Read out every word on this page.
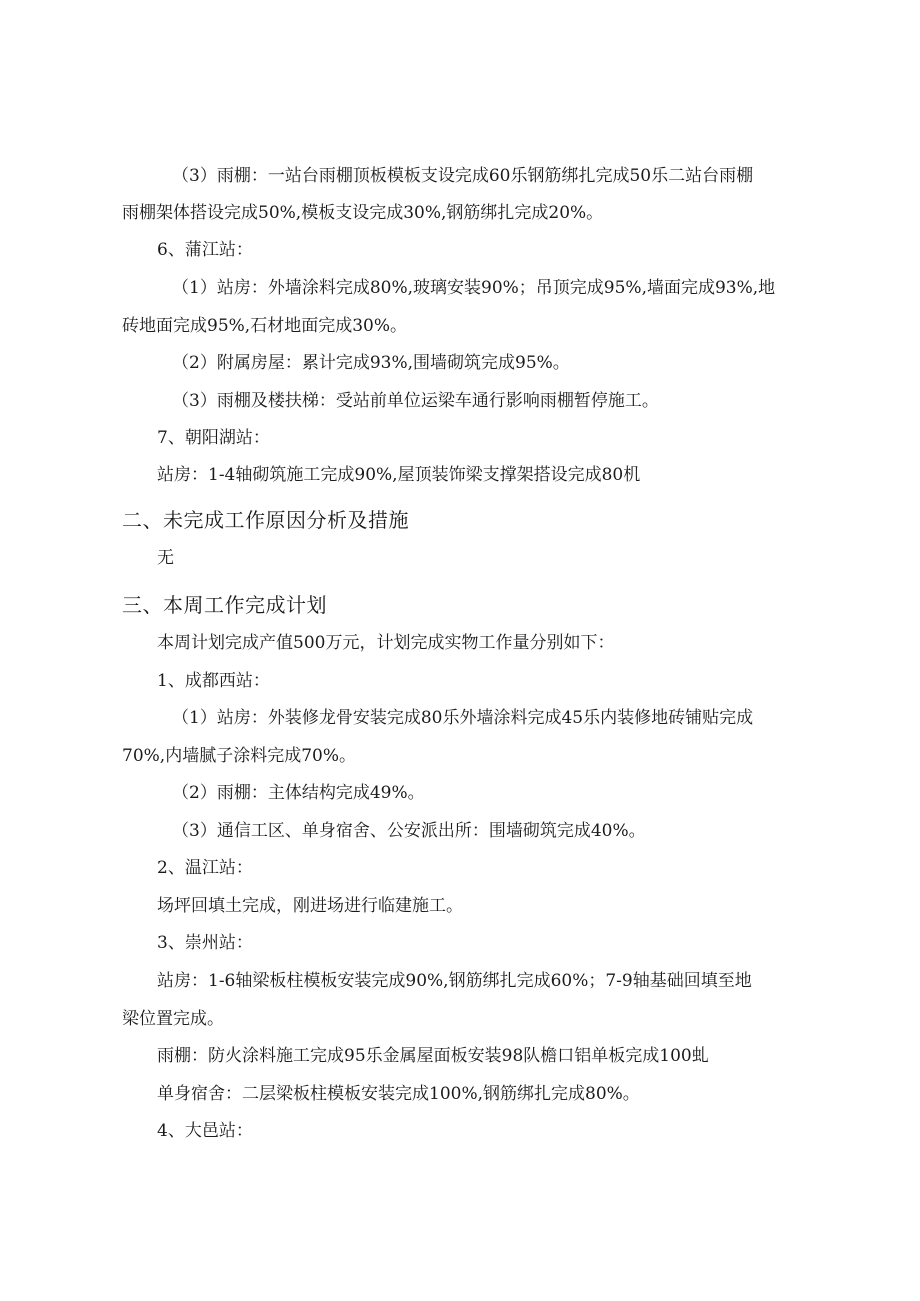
（3）雨棚：一站台雨棚顶板模板支设完成60乐钢筋绑扎完成50乐二站台雨棚
雨棚架体搭设完成50%,模板支设完成30%,钢筋绑扎完成20%。
6、蒲江站：
（1）站房：外墙涂料完成80%,玻璃安装90%；吊顶完成95%,墙面完成93%,地
砖地面完成95%,石材地面完成30%。
（2）附属房屋：累计完成93%,围墙砌筑完成95%。
（3）雨棚及楼扶梯：受站前单位运梁车通行影响雨棚暂停施工。
7、朝阳湖站：
站房：1-4轴砌筑施工完成90%,屋顶装饰梁支撑架搭设完成80机
二、未完成工作原因分析及措施
无
三、本周工作完成计划
本周计划完成产值500万元，计划完成实物工作量分别如下：
1、成都西站：
（1）站房：外装修龙骨安装完成80乐外墙涂料完成45乐内装修地砖铺贴完成
70%,内墙腻子涂料完成70%。
（2）雨棚：主体结构完成49%。
（3）通信工区、单身宿舍、公安派出所：围墙砌筑完成40%。
2、温江站：
场坪回填土完成，刚进场进行临建施工。
3、崇州站：
站房：1-6轴梁板柱模板安装完成90%,钢筋绑扎完成60%；7-9轴基础回填至地
梁位置完成。
雨棚：防火涂料施工完成95乐金属屋面板安装98队檐口铝单板完成100虬
单身宿舍：二层梁板柱模板安装完成100%,钢筋绑扎完成80%。
4、大邑站：
